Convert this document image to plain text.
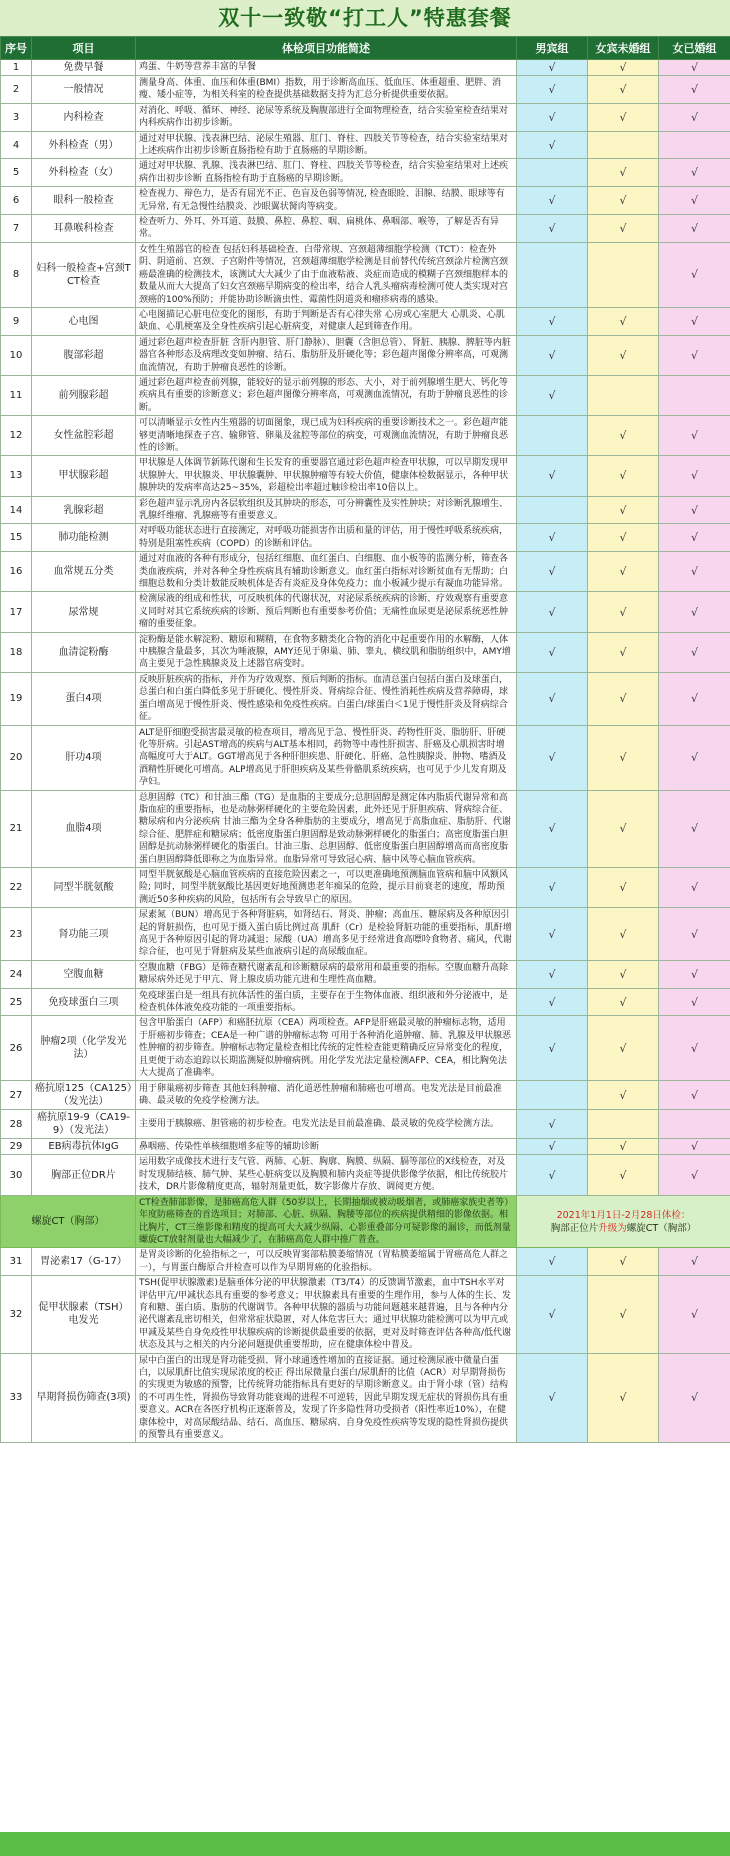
双十一致敬“打工人”特惠套餐
序号	项目	体检项目功能简述	男宾组	女宾未婚组	女已婚组
1	免费早餐	鸡蛋、牛奶等营养丰富的早餐	√	√	√
2	一般情况	测量身高、体重、血压和体重(BMI）指数，用于诊断高血压、低血压、体重超重、肥胖、消瘦、矮小症等，为相关科室的检查提供基础数据支持为汇总分析提供重要依据。	√	√	√
3	内科检查	对消化、呼吸、循环、神经、泌尿等系统及胸腹部进行全面物理检查，结合实验室检查结果对内科疾病作出初步诊断。	√	√	√
4	外科检查（男）	通过对甲状腺、浅表淋巴结、泌尿生殖器、肛门、脊柱、四肢关节等检查，结合实验室结果对上述疾病作出初步诊断直肠指检有助于直肠癌的早期诊断。	√		
5	外科检查（女）	通过对甲状腺、乳腺、浅表淋巴结、肛门、脊柱、四肢关节等检查，结合实验室结果对上述疾病作出初步诊断 直肠指检有助于直肠癌的早期诊断。		√	√
6	眼科一般检查	检查视力、辩色力，是否有屈光不正、色盲及色弱等情况, 检查眼睑、泪腺、结膜、眼球等有无异常, 有无急慢性结膜炎、沙眼翼状胬肉等病变。	√	√	√
7	耳鼻喉科检查	检查听力、外耳、外耳道、鼓膜、鼻腔、鼻腔、咽、扁桃体、鼻咽部、喉等，了解是否有异常。	√	√	√
8	妇科一般检查+宫颈TCT检查	女性生殖器官的检查 包括妇科基础检查、白带常规、宫颈超薄细胞学检测（TCT）：检查外阴、阴道前、宫颈、子宫附件等情况，宫颈超薄细胞学检测是目前替代传统宫颈涂片检测宫颈癌最准确的检测技术，该测试大大减少了由于血液粘液、炎症而造成的模糊子宫颈细胞样本的数量从而大大提高了妇女宫颈癌早期病变的检出率，结合人乳头瘤病毒检测可使人类实现对宫颈癌的100%预防；并能协助诊断滴虫性、霉菌性阴道炎和瘤疹病毒的感染。			√
9	心电图	心电图描记心脏电位变化的图形，有助于判断是否有心律失常 心房或心室肥大 心肌炎、心肌缺血、心肌梗塞及全身性疾病引起心脏病变，对健康人起到筛查作用。	√	√	√
10	腹部彩超	通过彩色超声检查肝脏 含肝内胆管、肝门静脉）、胆囊（含胆总管）、肾脏、胰腺、脾脏等内脏器官各种形态及病理改变如肿瘤、结石、脂肪肝及肝硬化等；彩色超声图像分辨率高，可观测血流情况，有助于肿瘤良恶性的诊断。	√	√	√
11	前列腺彩超	通过彩色超声检查前列腺，能较好的显示前列腺的形态、大小，对于前列腺增生肥大、钙化等疾病具有重要的诊断意义；彩色超声图像分辨率高，可观测血流情况，有助于肿瘤良恶性的诊断。	√		
12	女性盆腔彩超	可以清晰显示女性内生殖器的切面图象，现已成为妇科疾病的重要诊断技术之一。彩色超声能够更清晰地探查子宫、输卵管、卵巢及盆腔等部位的病变，可观测血流情况，有助于肿瘤良恶性的诊断。		√	√
13	甲状腺彩超	甲状腺是人体调节新陈代谢和生长发育的重要器官通过彩色超声检查甲状腺，可以早期发现甲状腺肿大、甲状腺炎、甲状腺囊肿、甲状腺肿瘤等有较大价值，健康体检数据显示，各种甲状腺肿块的发病率高达25~35%，彩超检出率超过触诊检出率10倍以上。	√	√	√
14	乳腺彩超	彩色超声显示乳房内各层软组织及其肿块的形态，可分辨囊性及实性肿块；对诊断乳腺增生、乳腺纤维瘤、乳腺癌等有重要意义。		√	√
15	肺功能检测	对呼吸功能状态进行直接测定，对呼吸功能损害作出质和量的评估，用于慢性呼吸系统疾病，特别是阻塞性疾病（COPD）的诊断和评估。	√	√	√
16	血常规五分类	通过对血液的各种有形成分，包括红细胞、血红蛋白、白细胞、血小板等的监测分析，筛查各类血液疾病，并对各种全身性疾病具有辅助诊断意义。血红蛋白指标对诊断贫血有无帮助；白细胞总数和分类计数能反映机体是否有炎症及身体免疫力；血小板减少提示有凝血功能异常。	√	√	√
17	尿常规	检测尿液的组成和性状，可反映机体的代谢状况，对泌尿系统疾病的诊断、疗效观察有重要意义同时对其它系统疾病的诊断、预后判断也有重要参考价值；无痛性血尿更是泌尿系统恶性肿瘤的重要征象。	√	√	√
18	血清淀粉酶	淀粉酶是能水解淀粉、糖原和糊精，在食物多糖类化合物的消化中起重要作用的水解酶，人体中胰腺含量最多，其次为唾液腺，AMY还见于卵巢、肺、睾丸、横纹肌和脂肪组织中，AMY增高主要见于急性胰腺炎及上述器官病变时。	√	√	√
19	蛋白4项	反映肝脏疾病的指标，并作为疗效观察、预后判断的指标。血清总蛋白包括白蛋白及球蛋白，总蛋白和白蛋白降低多见于肝硬化、慢性肝炎、肾病综合征、慢性消耗性疾病及营养障碍，球蛋白增高见于慢性肝炎、慢性感染和免疫性疾病。白蛋白/球蛋白＜1见于慢性肝炎及肾病综合征。	√	√	√
20	肝功4项	ALT是肝细胞受损害最灵敏的检查项目，增高见于急、慢性肝炎、药物性肝炎、脂肪肝、肝硬化等肝病。引起AST增高的疾病与ALT基本相同，药物等中毒性肝损害、肝癌及心肌损害时增高幅度可大于ALT。GGT增高见于各种肝胆疾患、肝硬化、肝癌、急性胰腺炎、肿物、嗜酒及酒精性肝硬化可增高。ALP增高见于肝胆疾病及某些骨骼肌系统疾病，也可见于少儿发育期及孕妇。	√	√	√
21	血脂4项	总胆固醇（TC）和甘油三酯（TG）是血脂的主要成分;总胆固醇是测定体内脂质代谢异常和高脂血症的重要指标，也是动脉粥样硬化的主要危险因素，此外还见于肝胆疾病、肾病综合征、糖尿病和内分泌疾病 甘油三酯为全身各种脂肪的主要成分，增高见于高脂血症、脂肪肝、代谢综合征、肥胖症和糖尿病；低密度脂蛋白胆固醇是致动脉粥样硬化的脂蛋白；高密度脂蛋白胆固醇是抗动脉粥样硬化的脂蛋白。甘油三脂、总胆固醇、低密度脂蛋白胆固醇增高而高密度脂蛋白胆固醇降低即称之为血脂异常。血脂异常可导致冠心病、脑中风等心脑血管疾病。	√	√	√
22	同型半胱氨酸	同型半胱氨酸是心脑血管疾病的直接危险因素之一，可以更准确地预测脑血管病和脑中风额风险; 同时，同型半胱氨酸比基因更好地预测患老年痴呆的危险，提示目前衰老的速度，帮助预测近50多种疾病的风险，包括所有会导致早亡的原因。	√	√	√
23	肾功能三项	尿素氮（BUN）增高见于各种肾脏病，如肾结石、肾炎、肿瘤；高血压、糖尿病及各种原因引起的肾脏损伤，也可见于摄入蛋白质比例过高 肌酐（Cr）是检验肾脏功能的重要指标，肌酐增高见于各种原因引起的肾功减退；尿酸（UA）增高多见于经常进食高嘌呤食物者、痛风，代谢综合征，也可见于肾脏病及某些血液病引起的高尿酸血症。	√	√	√
24	空腹血糖	空腹血糖（FBG）是筛查糖代谢紊乱和诊断糖尿病的最常用和最重要的指标。空腹血糖升高除糖尿病外还见于甲亢、肾上腺皮质功能亢进和生理性高血糖。	√	√	√
25	免疫球蛋白三项	免疫球蛋白是一组具有抗体活性的蛋白质，主要存在于生物体血液、组织液和外分泌液中，是检查机体体液免疫功能的一项重要指标。	√	√	√
26	肿瘤2项（化学发光法）	包含甲胎蛋白（AFP）和癌胚抗原（CEA）两项检查。AFP是肝癌最灵敏的肿瘤标志物，适用于肝癌初步筛查；CEA是一种广谱的肿瘤标志物 可用于各种消化道肿瘤、肺、乳腺及甲状腺恶性肿瘤的初步筛查。肿瘤标志物定量检查相比传统的定性检查能更精确反应异常变化的程度，且更便于动态追踪以长期监测疑似肿瘤病例。用化学发光法定量检测AFP、CEA，相比胸免法大大提高了准确率。	√	√	√
27	癌抗原125（CA125）（发光法）	用于卵巢癌初步筛查 其他妇科肿瘤、消化道恶性肿瘤和肺癌也可增高。电发光法是目前最准确、最灵敏的免疫学检测方法。		√	√
28	癌抗原19-9（CA19-9）（发光法）	主要用于胰腺癌、胆管癌的初步检查。电发光法是目前最准确、最灵敏的免疫学检测方法。	√		
29	EB病毒抗体IgG	鼻咽癌、传染性单核细胞增多症等的辅助诊断	√	√	√
30	胸部正位DR片	运用数字成像技术进行支气管、两肺、心脏、胸廓、胸膜、纵隔、膈等部位的X线检查，对及时发现肺结核、肺气肿、某些心脏病变以及胸膜和肺内炎症等提供影像学依据，相比传统胶片技术，DR片影像精度更高，辐射剂量更低，数字影像片存放、调阅更方便。	√	√	√
螺旋CT（胸部）		CT检查肺部影像，是肺癌高危人群（50岁以上，长期抽烟或被动吸烟者，或肺癌家族史者等）年度防癌筛查的首选项目；对肺部、心脏、纵隔、胸腰等部位的疾病提供精细的影像依据。相比胸片，CT三维影像和精度的提高可大大减少纵隔、心影重叠部分可疑影像的漏诊，而低剂量螺旋CT放射剂量也大幅减少了，在肺癌高危人群中推广普查。	2021年1月1日-2月28日体检：
胸部正位片升级为螺旋CT（胸部）		
31	胃泌素17（G-17）	是胃炎诊断的化验指标之一，可以反映胃窦部粘膜萎缩情况（胃粘膜萎缩属于胃癌高危人群之一），与胃蛋白酶原合并检查可以作为早期胃癌的化验指标。	√	√	√
32	促甲状腺素（TSH）电发光	TSH(促甲状腺激素)是脑垂体分泌的甲状腺激素（T3/T4）的反馈调节激素，血中TSH水平对评估甲亢/甲减状态具有重要的参考意义；甲状腺素具有重要的生理作用，参与人体的生长、发育和糖、蛋白质、脂肪的代谢调节。各种甲状腺的器质与功能问题越来越普遍，且与各种内分泌代谢紊乱密切相关，但常常症状隐匿，对人体危害巨大；通过甲状腺功能检测可以为甲亢或甲减及某些自身免疫性甲状腺疾病的诊断提供最重要的依据，更对及时筛查评估各种高/低代谢状态及其与之相关的内分泌问题提供重要帮助，应在健康体检中普及。	√	√	√
33	早期肾损伤筛查(3项)	尿中白蛋白的出现是肾功能受损、肾小球通透性增加的直接证据。通过检测尿液中微量白蛋白，以尿肌酐比值实现尿浓度的校正 得出尿微量白蛋白/尿肌酐的比值（ACR）对早期肾损伤的实现更为敏感的预警，比传统肾功能指标具有更好的早期诊断意义。由于肾小球（管）结构的不可再生性，肾损伤导致肾功能衰竭的进程不可逆转，因此早期发现无症状的肾损伤具有重要意义。ACR在各医疗机构正逐渐普及，发现了许多隐性肾功受损者（阳性率近10%），在健康体检中，对高尿酸结晶、结石、高血压、糖尿病、自身免疫性疾病等发现的隐性肾损伤提供的预警具有重要意义。	√	√	√
